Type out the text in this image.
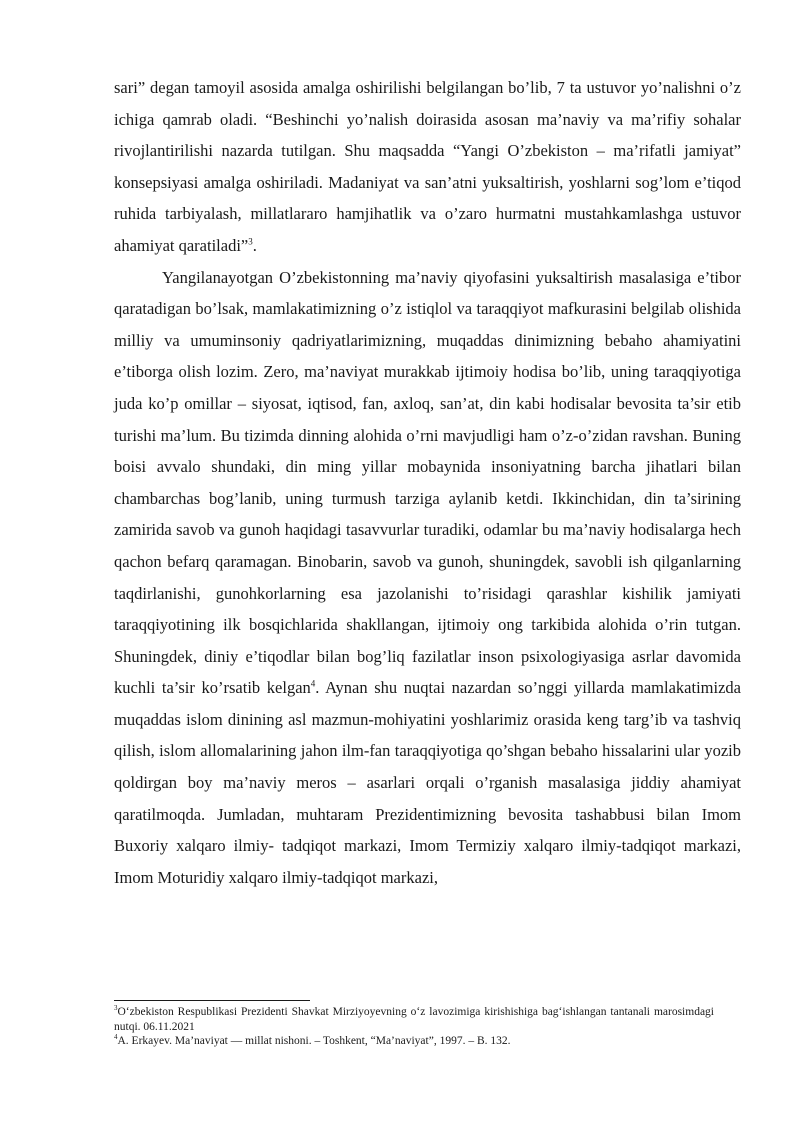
sari” degan tamoyil asosida amalga oshirilishi belgilangan bo’lib, 7 ta ustuvor yo’nalishni o’z ichiga qamrab oladi. “Beshinchi yo’nalish doirasida asosan ma’naviy va ma’rifiy sohalar rivojlantirilishi nazarda tutilgan. Shu maqsadda “Yangi O’zbekiston – ma’rifatli jamiyat” konsepsiyasi amalga oshiriladi. Madaniyat va san’atni yuksaltirish, yoshlarni sog’lom e’tiqod ruhida tarbiyalash, millatlararo hamjihatlik va o’zaro hurmatni mustahkamlashga ustuvor ahamiyat qaratiladi”$^3$.

Yangilanayotgan O’zbekistonning ma’naviy qiyofasini yuksaltirish masalasiga e’tibor qaratadigan bo’lsak, mamlakatimizning o’z istiqlol va taraqqiyot mafkurasini belgilab olishida milliy va umuminsoniy qadriyatlarimizning, muqaddas dinimizning bebaho ahamiyatini e’tiborga olish lozim. Zero, ma’naviyat murakkab ijtimoiy hodisa bo’lib, uning taraqqiyotiga juda ko’p omillar – siyosat, iqtisod, fan, axloq, san’at, din kabi hodisalar bevosita ta’sir etib turishi ma’lum. Bu tizimda dinning alohida o’rni mavjudligi ham o’z-o’zidan ravshan. Buning boisi avvalo shundaki, din ming yillar mobaynida insoniyatning barcha jihatlari bilan chambarchas bog’lanib, uning turmush tarziga aylanib ketdi. Ikkinchidan, din ta’sirining zamirida savob va gunoh haqidagi tasavvurlar turadiki, odamlar bu ma’naviy hodisalarga hech qachon befarq qaramagan. Binobarin, savob va gunoh, shuningdek, savobli ish qilganlarning taqdirlanishi, gunohkorlarning esa jazolanishi to’risidagi qarashlar kishilik jamiyati taraqqiyotining ilk bosqichlarida shakllangan, ijtimoiy ong tarkibida alohida o’rin tutgan. Shuningdek, diniy e’tiqodlar bilan bog’liq fazilatlar inson psixologiyasiga asrlar davomida kuchli ta’sir ko’rsatib kelgan$^4$. Aynan shu nuqtai nazardan so’nggi yillarda mamlakatimizda muqaddas islom dinining asl mazmun-mohiyatini yoshlarimiz orasida keng targ’ib va tashviq qilish, islom allomalarining jahon ilm-fan taraqqiyotiga qo’shgan bebaho hissalarini ular yozib qoldirgan boy ma’naviy meros – asarlari orqali o’rganish masalasiga jiddiy ahamiyat qaratilmoqda. Jumladan, muhtaram Prezidentimizning bevosita tashabbusi bilan Imom Buxoriy xalqaro ilmiy- tadqiqot markazi, Imom Termiziy xalqaro ilmiy-tadqiqot markazi, Imom Moturidiy xalqaro ilmiy-tadqiqot markazi,

$^3$O‘zbekiston Respublikasi Prezidenti Shavkat Mirziyoyevning o‘z lavozimiga kirishishiga bag‘ishlangan tantanali marosimdagi nutqi. 06.11.2021

$^4$A. Erkayev. Ma’naviyat — millat nishoni. – Toshkent, “Ma’naviyat”, 1997. – B. 132.
